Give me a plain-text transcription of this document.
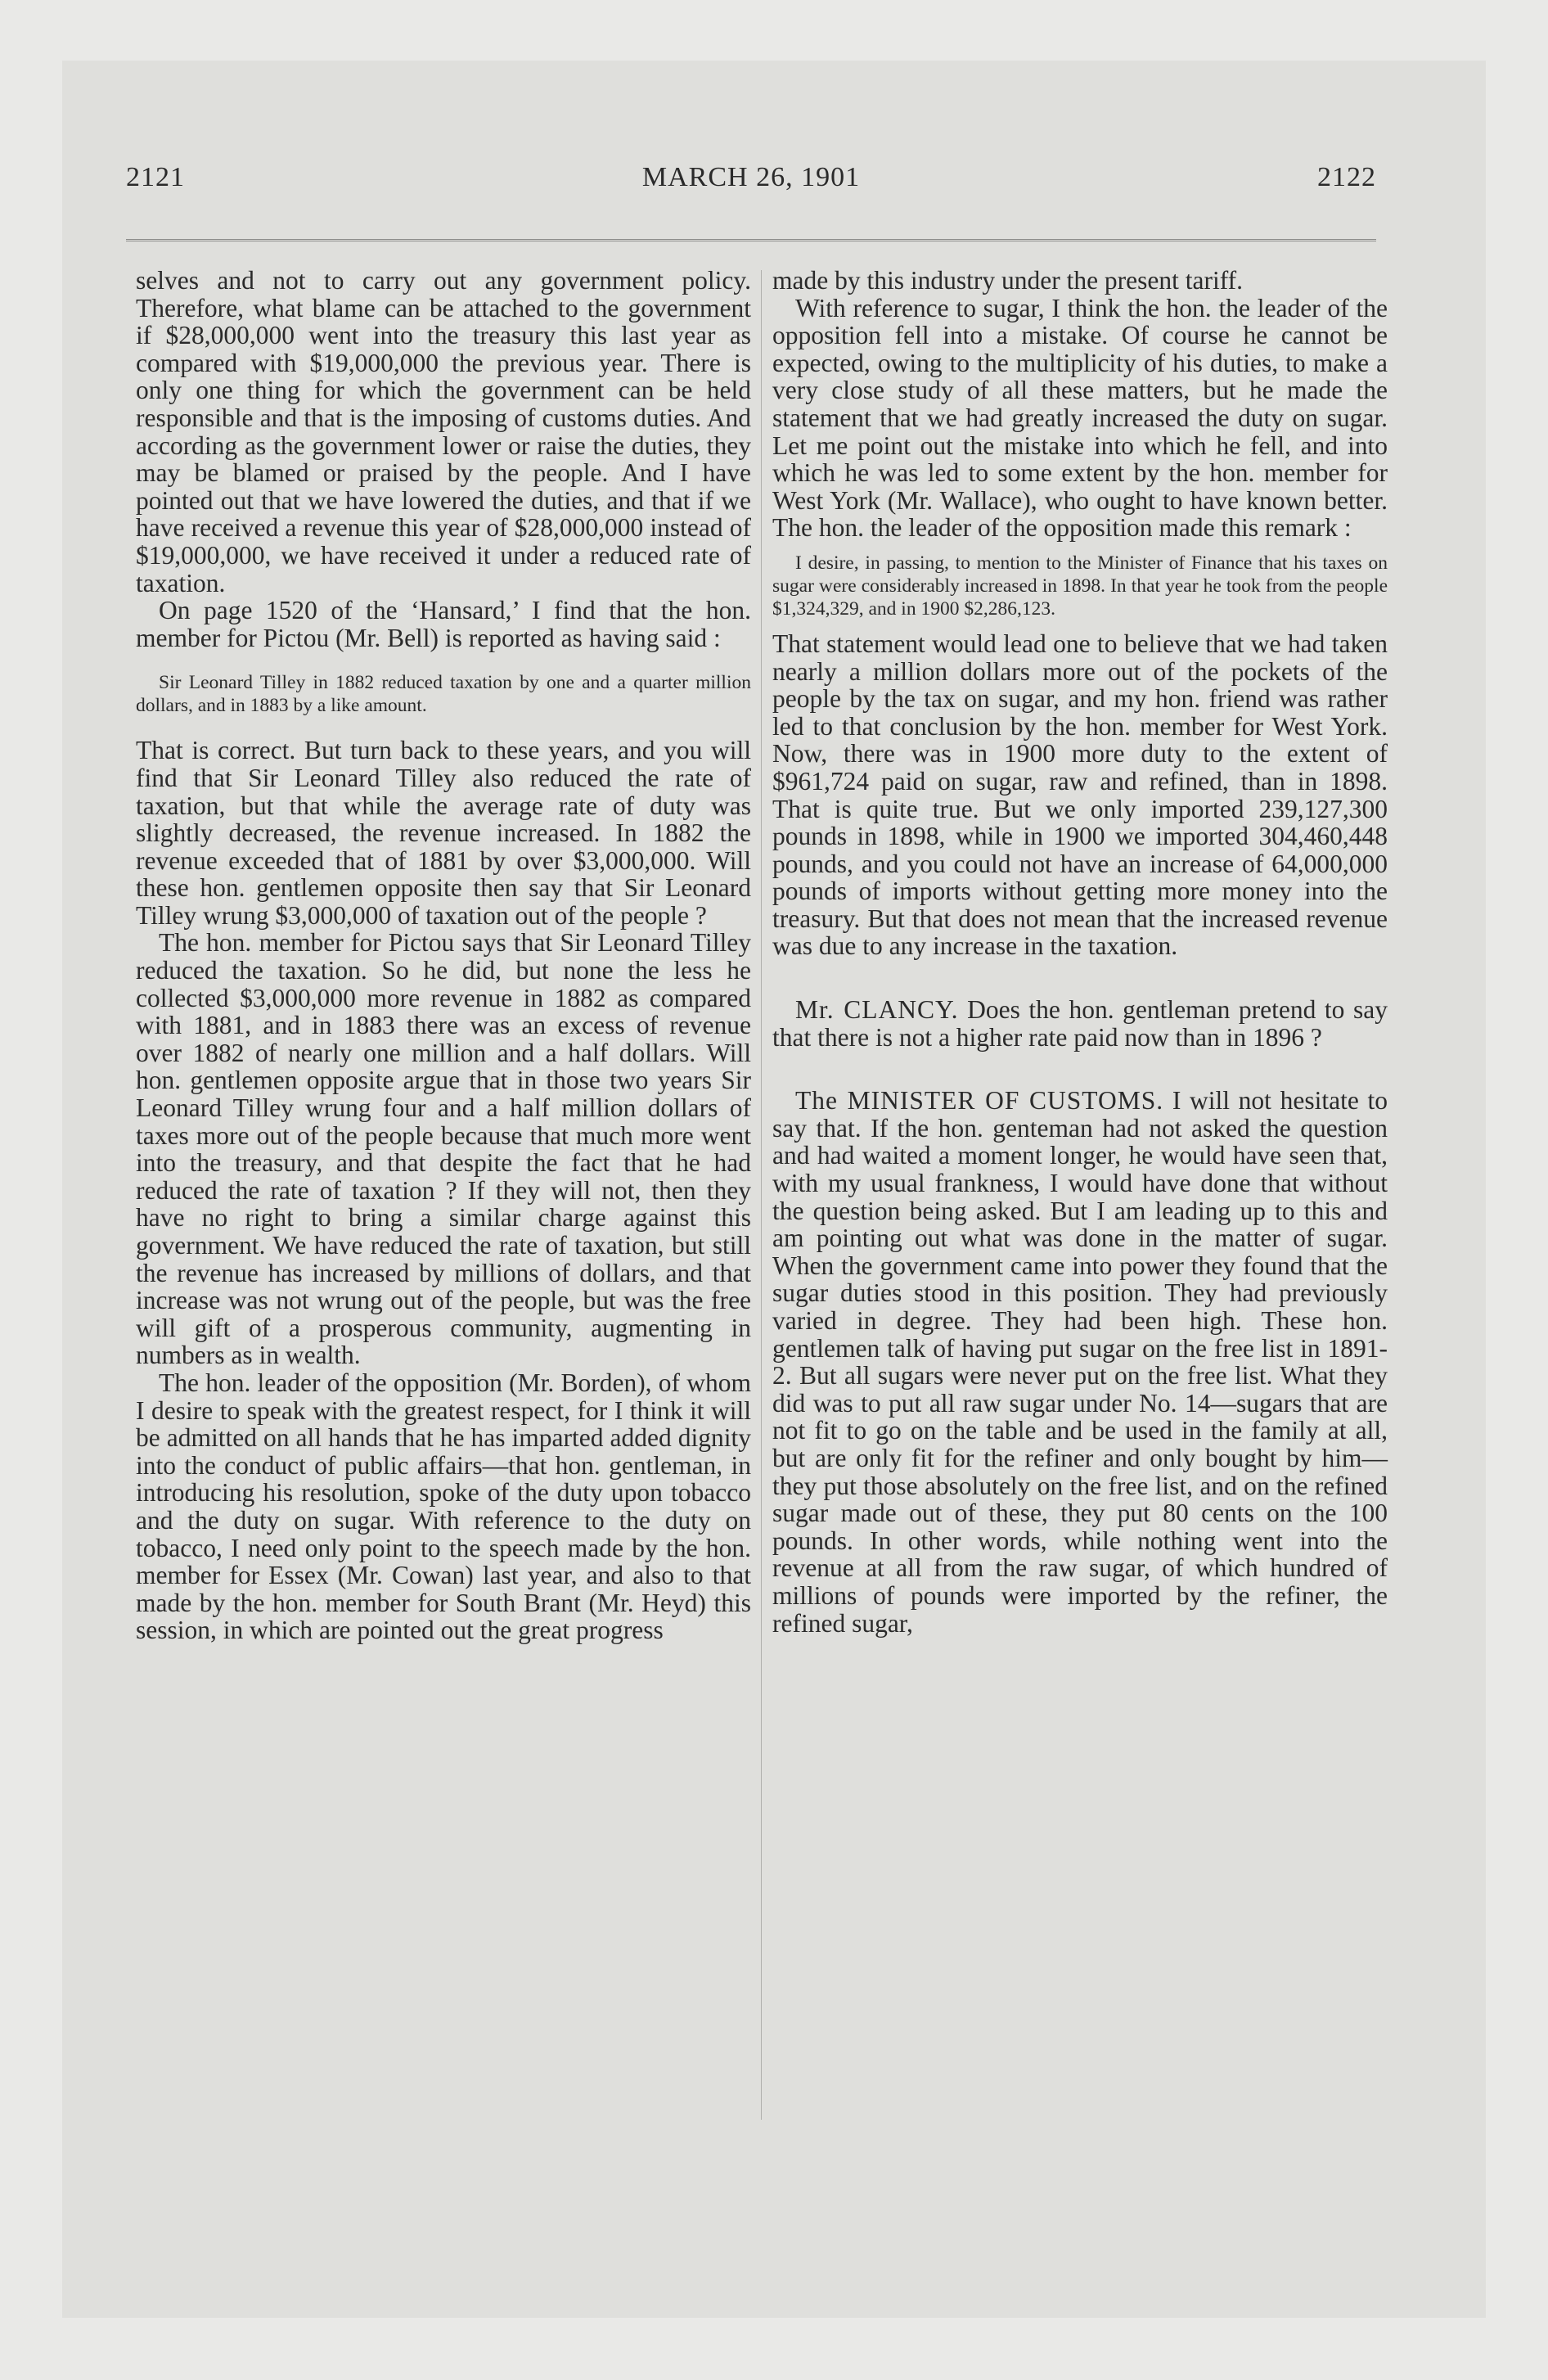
2121	MARCH 26, 1901	2122

selves and not to carry out any government policy. Therefore, what blame can be attached to the government if $28,000,000 went into the treasury this last year as compared with $19,000,000 the previous year. There is only one thing for which the government can be held responsible and that is the imposing of customs duties. And according as the government lower or raise the duties, they may be blamed or praised by the people. And I have pointed out that we have lowered the duties, and that if we have received a revenue this year of $28,000,000 instead of $19,000,000, we have received it under a reduced rate of taxation.

On page 1520 of the ‘Hansard,’ I find that the hon. member for Pictou (Mr. Bell) is reported as having said :

Sir Leonard Tilley in 1882 reduced taxation by one and a quarter million dollars, and in 1883 by a like amount.

That is correct. But turn back to these years, and you will find that Sir Leonard Tilley also reduced the rate of taxation, but that while the average rate of duty was slightly decreased, the revenue increased. In 1882 the revenue exceeded that of 1881 by over $3,000,000. Will these hon. gentlemen opposite then say that Sir Leonard Tilley wrung $3,000,000 of taxation out of the people ?

The hon. member for Pictou says that Sir Leonard Tilley reduced the taxation. So he did, but none the less he collected $3,000,000 more revenue in 1882 as compared with 1881, and in 1883 there was an excess of revenue over 1882 of nearly one million and a half dollars. Will hon. gentlemen opposite argue that in those two years Sir Leonard Tilley wrung four and a half million dollars of taxes more out of the people because that much more went into the treasury, and that despite the fact that he had reduced the rate of taxation ? If they will not, then they have no right to bring a similar charge against this government. We have reduced the rate of taxation, but still the revenue has increased by millions of dollars, and that increase was not wrung out of the people, but was the free will gift of a prosperous community, augmenting in numbers as in wealth.

The hon. leader of the opposition (Mr. Borden), of whom I desire to speak with the greatest respect, for I think it will be admitted on all hands that he has imparted added dignity into the conduct of public affairs—that hon. gentleman, in introducing his resolution, spoke of the duty upon tobacco and the duty on sugar. With reference to the duty on tobacco, I need only point to the speech made by the hon. member for Essex (Mr. Cowan) last year, and also to that made by the hon. member for South Brant (Mr. Heyd) this session, in which are pointed out the great progress

made by this industry under the present tariff.

With reference to sugar, I think the hon. the leader of the opposition fell into a mistake. Of course he cannot be expected, owing to the multiplicity of his duties, to make a very close study of all these matters, but he made the statement that we had greatly increased the duty on sugar. Let me point out the mistake into which he fell, and into which he was led to some extent by the hon. member for West York (Mr. Wallace), who ought to have known better. The hon. the leader of the opposition made this remark :

I desire, in passing, to mention to the Minister of Finance that his taxes on sugar were considerably increased in 1898. In that year he took from the people $1,324,329, and in 1900 $2,286,123.

That statement would lead one to believe that we had taken nearly a million dollars more out of the pockets of the people by the tax on sugar, and my hon. friend was rather led to that conclusion by the hon. member for West York. Now, there was in 1900 more duty to the extent of $961,724 paid on sugar, raw and refined, than in 1898. That is quite true. But we only imported 239,127,300 pounds in 1898, while in 1900 we imported 304,460,448 pounds, and you could not have an increase of 64,000,000 pounds of imports without getting more money into the treasury. But that does not mean that the increased revenue was due to any increase in the taxation.

Mr. CLANCY. Does the hon. gentleman pretend to say that there is not a higher rate paid now than in 1896 ?

The MINISTER OF CUSTOMS. I will not hesitate to say that. If the hon. genteman had not asked the question and had waited a moment longer, he would have seen that, with my usual frankness, I would have done that without the question being asked. But I am leading up to this and am pointing out what was done in the matter of sugar. When the government came into power they found that the sugar duties stood in this position. They had previously varied in degree. They had been high. These hon. gentlemen talk of having put sugar on the free list in 1891-2. But all sugars were never put on the free list. What they did was to put all raw sugar under No. 14—sugars that are not fit to go on the table and be used in the family at all, but are only fit for the refiner and only bought by him—they put those absolutely on the free list, and on the refined sugar made out of these, they put 80 cents on the 100 pounds. In other words, while nothing went into the revenue at all from the raw sugar, of which hundred of millions of pounds were imported by the refiner, the refined sugar,
